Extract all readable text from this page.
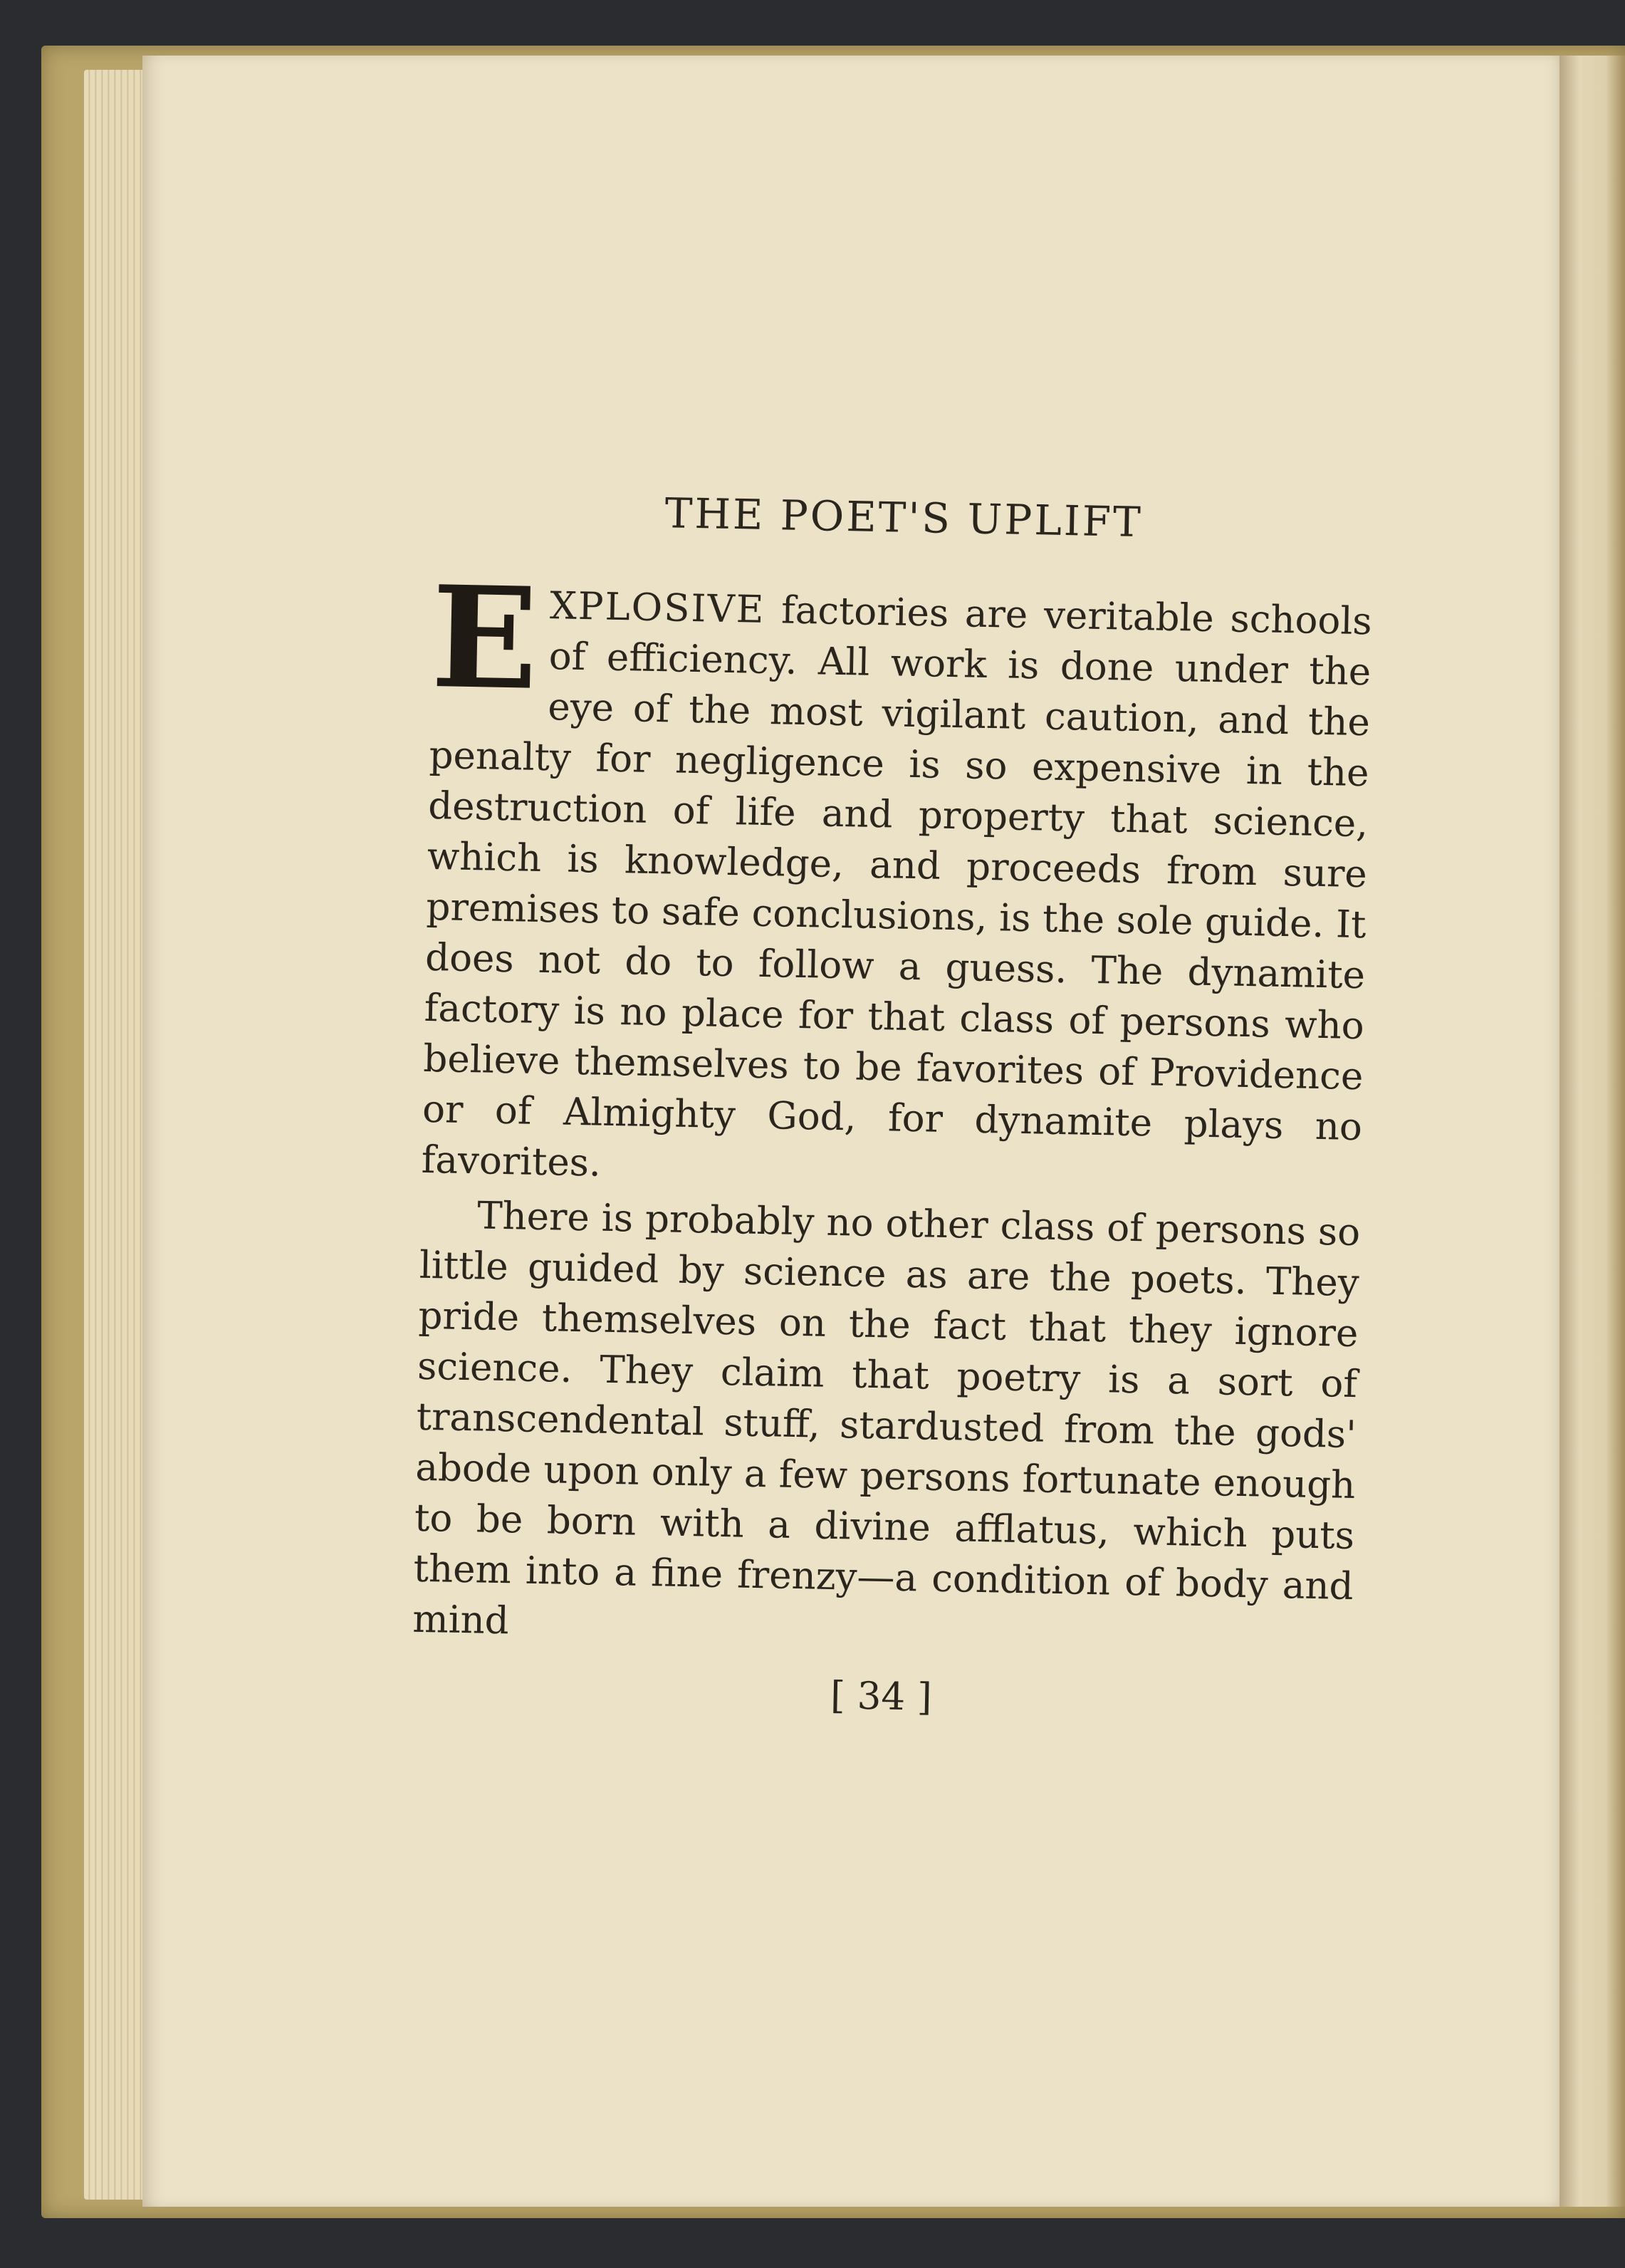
THE POET'S UPLIFT

EXPLOSIVE factories are veritable schools of efficiency. All work is done under the eye of the most vigilant caution, and the penalty for negligence is so expensive in the destruction of life and property that science, which is knowledge, and proceeds from sure premises to safe conclusions, is the sole guide. It does not do to follow a guess. The dynamite factory is no place for that class of persons who believe themselves to be favorites of Providence or of Almighty God, for dynamite plays no favorites.

There is probably no other class of persons so little guided by science as are the poets. They pride themselves on the fact that they ignore science. They claim that poetry is a sort of transcendental stuff, stardusted from the gods' abode upon only a few persons fortunate enough to be born with a divine afflatus, which puts them into a fine frenzy—a condition of body and mind

[ 34 ]
